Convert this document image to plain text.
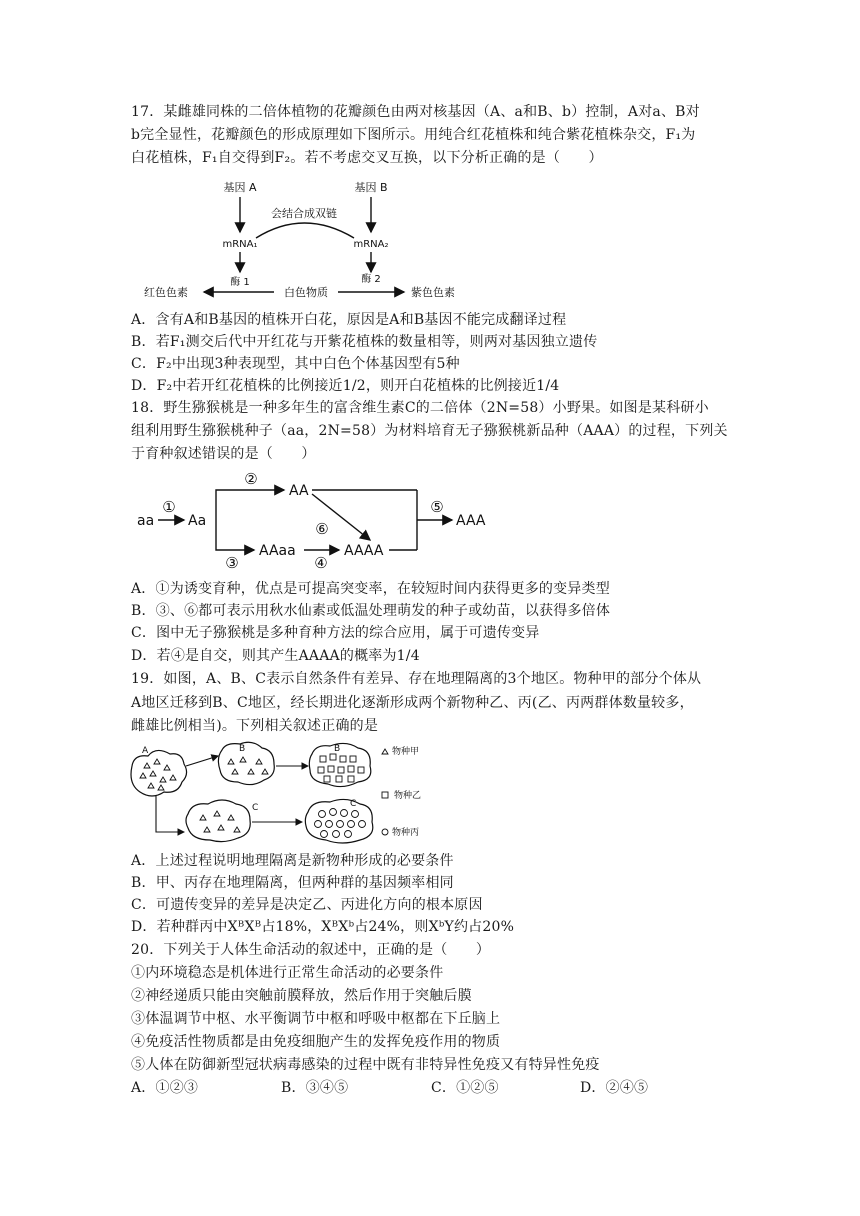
17．某雌雄同株的二倍体植物的花瓣颜色由两对核基因（A、a和B、b）控制，A对a、B对
b完全显性，花瓣颜色的形成原理如下图所示。用纯合红花植株和纯合紫花植株杂交，F₁为
白花植株，F₁自交得到F₂。若不考虑交叉互换，以下分析正确的是（　　）
基因 A	基因 B
会结合成双链
mRNA₁	mRNA₂
酶 1	酶 2
白色物质
红色色素	紫色色素
A．含有A和B基因的植株开白花，原因是A和B基因不能完成翻译过程
B．若F₁测交后代中开红花与开紫花植株的数量相等，则两对基因独立遗传
C．F₂中出现3种表现型，其中白色个体基因型有5种
D．F₂中若开红花植株的比例接近1/2，则开白花植株的比例接近1/4
18．野生猕猴桃是一种多年生的富含维生素C的二倍体（2N=58）小野果。如图是某科研小
组利用野生猕猴桃种子（aa，2N=58）为材料培育无子猕猴桃新品种（AAA）的过程，下列关
于育种叙述错误的是（　　）
aa
①
Aa
②
AA
⑥
③
AAaa
④
AAAA
⑤
AAA
A．①为诱变育种，优点是可提高突变率，在较短时间内获得更多的变异类型
B．③、⑥都可表示用秋水仙素或低温处理萌发的种子或幼苗，以获得多倍体
C．图中无子猕猴桃是多种育种方法的综合应用，属于可遗传变异
D．若④是自交，则其产生AAAA的概率为1/4
19．如图，A、B、C表示自然条件有差异、存在地理隔离的3个地区。物种甲的部分个体从
A地区迁移到B、C地区，经长期进化逐渐形成两个新物种乙、丙(乙、丙两群体数量较多，
雌雄比例相当)。下列相关叙述正确的是
A	B	B
C	C
物种甲
物种乙
物种丙
A．上述过程说明地理隔离是新物种形成的必要条件
B．甲、丙存在地理隔离，但两种群的基因频率相同
C．可遗传变异的差异是决定乙、丙进化方向的根本原因
D．若种群丙中XᴮXᴮ占18%，XᴮXᵇ占24%，则XᵇY约占20%
20．下列关于人体生命活动的叙述中，正确的是（　　）
①内环境稳态是机体进行正常生命活动的必要条件
②神经递质只能由突触前膜释放，然后作用于突触后膜
③体温调节中枢、水平衡调节中枢和呼吸中枢都在下丘脑上
④免疫活性物质都是由免疫细胞产生的发挥免疫作用的物质
⑤人体在防御新型冠状病毒感染的过程中既有非特异性免疫又有特异性免疫
A．①②③	B．③④⑤	C．①②⑤	D．②④⑤
